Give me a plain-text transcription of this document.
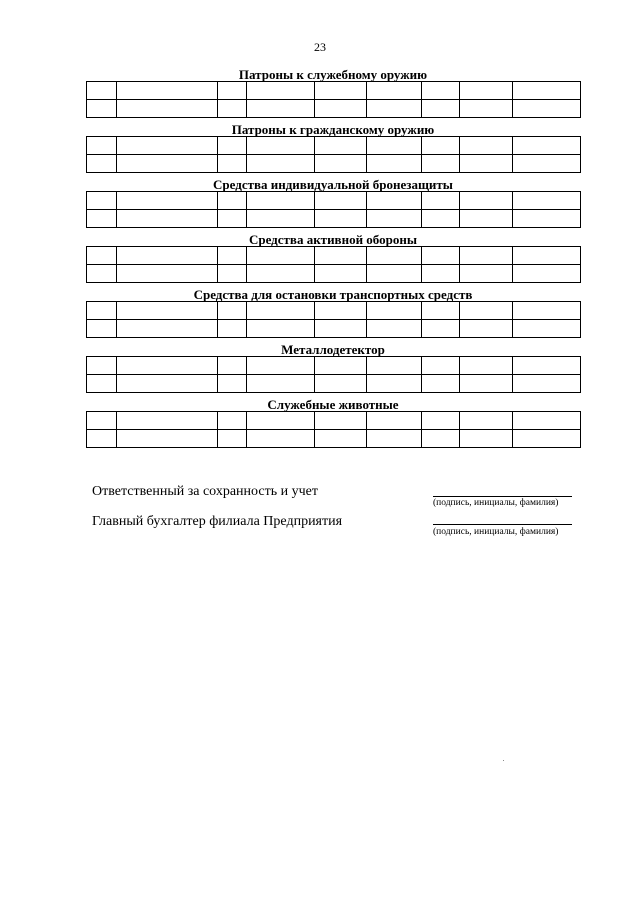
23
Патроны к служебному оружию

Патроны к гражданскому оружию

Средства индивидуальной бронезащиты

Средства активной обороны

Средства для остановки транспортных средств

Металлодетектор

Служебные животные

Ответственный за сохранность и учет
(подпись, инициалы, фамилия)
Главный бухгалтер филиала Предприятия
(подпись, инициалы, фамилия)
